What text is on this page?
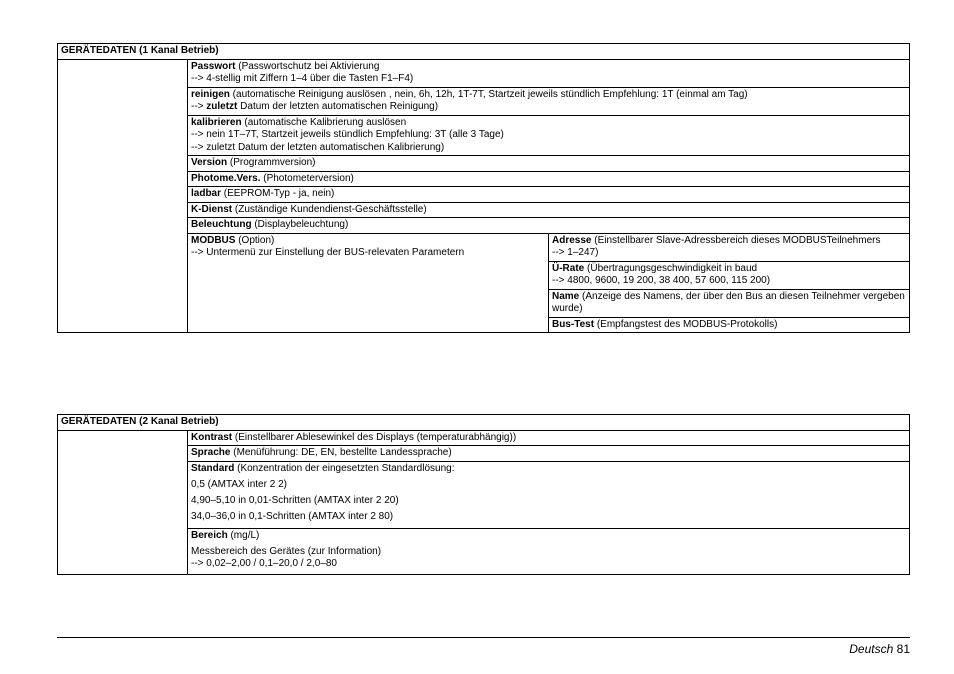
GERÄTEDATEN (1 Kanal Betrieb)		
	Passwort (Passwortschutz bei Aktivierung
--> 4-stellig mit Ziffern 1–4 über die Tasten F1–F4)	

	reinigen (automatische Reinigung auslösen , nein, 6h, 12h, 1T-7T, Startzeit jeweils stündlich Empfehlung: 1T (einmal am Tag)
--> zuletzt Datum der letzten automatischen Reinigung)	

	kalibrieren (automatische Kalibrierung auslösen
--> nein 1T–7T, Startzeit jeweils stündlich Empfehlung: 3T (alle 3 Tage)
--> zuletzt Datum der letzten automatischen Kalibrierung)	

	Version (Programmversion)	
	Photome.Vers. (Photometerversion)	
	ladbar (EEPROM-Typ - ja, nein)	
	K-Dienst (Zuständige Kundendienst-Geschäftsstelle)	
	Beleuchtung (Displaybeleuchtung)	
	MODBUS (Option)
--> Untermenü zur Einstellung der BUS-relevaten Parametern	Adresse (Einstellbarer Slave-Adressbereich dieses MODBUSTeilnehmers
--> 1–247)

		Ü-Rate (Übertragungsgeschwindigkeit in baud
--> 4800, 9600, 19 200, 38 400, 57 600, 115 200)

		Name (Anzeige des Namens, der über den Bus an diesen Teilnehmer vergeben wurde)
		Bus-Test (Empfangstest des MODBUS-Protokolls)
GERÄTEDATEN (2 Kanal Betrieb)
	Kontrast (Einstellbarer Ablesewinkel des Displays (temperaturabhängig))
Sprache (Menüführung: DE, EN, bestellte Landessprache)

Standard (Konzentration der eingesetzten Standardlösung:
0,5 (AMTAX inter 2 2)
4,90–5,10 in 0,01-Schritten (AMTAX inter 2 20)
34,0–36,0 in 0,1-Schritten (AMTAX inter 2 80)

Bereich (mg/L)
Messbereich des Gerätes (zur Information)
--> 0,02–2,00 / 0,1–20,0 / 2,0–80
Deutsch 81
